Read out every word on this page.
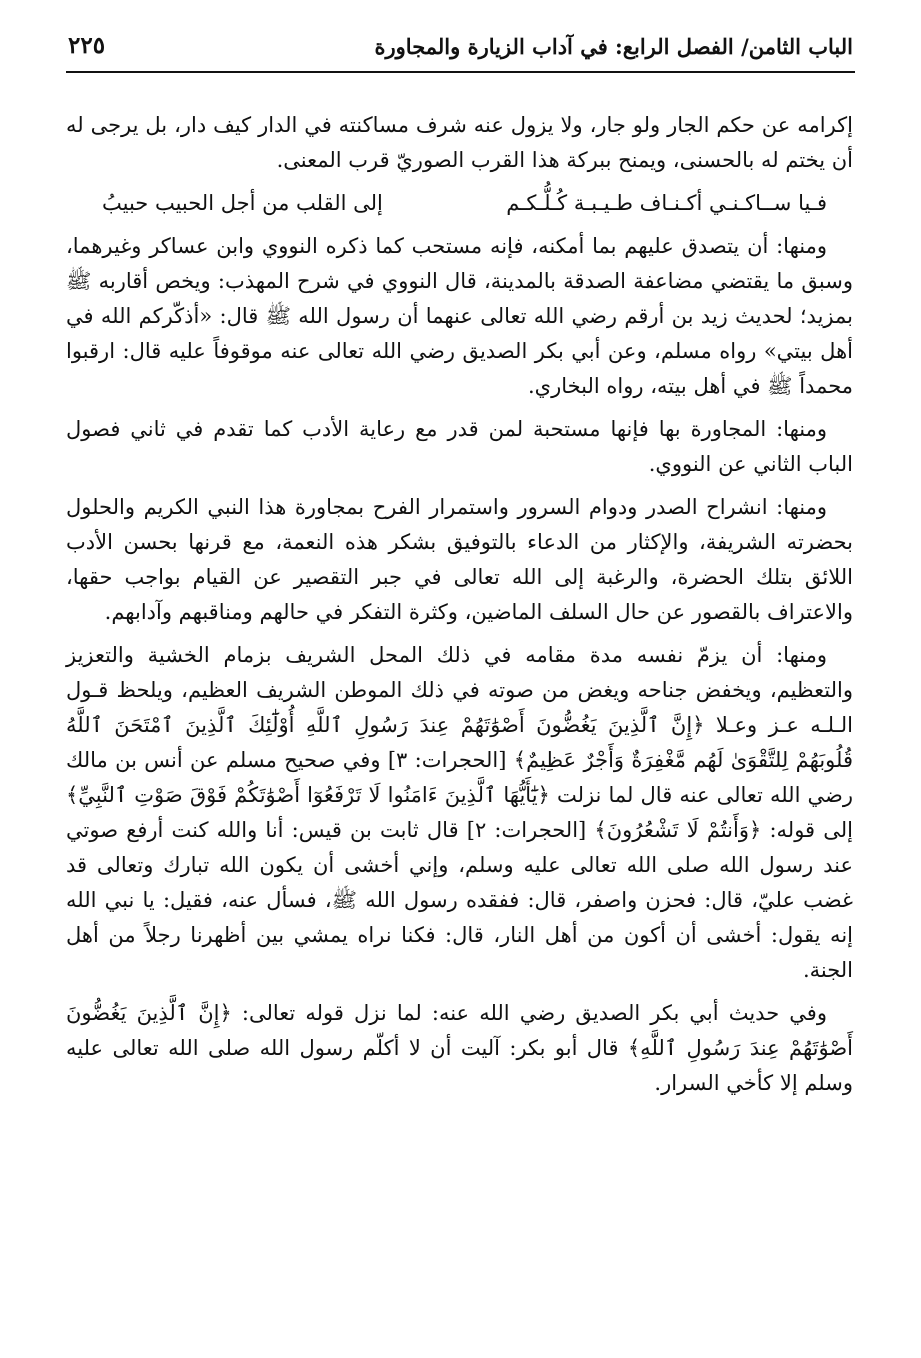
الباب الثامن/ الفصل الرابع: في آداب الزيارة والمجاورة
٢٢٥

إكرامه عن حكم الجار ولو جار، ولا يزول عنه شرف مساكنته في الدار كيف دار، بل يرجى له أن يختم له بالحسنى، ويمنح ببركة هذا القرب الصوريّ قرب المعنى.

فـيا ســاكـنـي أكـنـاف طـيـبـة كُـلُّـكـم
إلى القلب من أجل الحبيب حبيبُ

ومنها: أن يتصدق عليهم بما أمكنه، فإنه مستحب كما ذكره النووي وابن عساكر وغيرهما، وسبق ما يقتضي مضاعفة الصدقة بالمدينة، قال النووي في شرح المهذب: ويخص أقاربه ﷺ بمزيد؛ لحديث زيد بن أرقم رضي الله تعالى عنهما أن رسول الله ﷺ قال: «أذكّركم الله في أهل بيتي» رواه مسلم، وعن أبي بكر الصديق رضي الله تعالى عنه موقوفاً عليه قال: ارقبوا محمداً ﷺ في أهل بيته، رواه البخاري.

ومنها: المجاورة بها فإنها مستحبة لمن قدر مع رعاية الأدب كما تقدم في ثاني فصول الباب الثاني عن النووي.

ومنها: انشراح الصدر ودوام السرور واستمرار الفرح بمجاورة هذا النبي الكريم والحلول بحضرته الشريفة، والإكثار من الدعاء بالتوفيق بشكر هذه النعمة، مع قرنها بحسن الأدب اللائق بتلك الحضرة، والرغبة إلى الله تعالى في جبر التقصير عن القيام بواجب حقها، والاعتراف بالقصور عن حال السلف الماضين، وكثرة التفكر في حالهم ومناقبهم وآدابهم.

ومنها: أن يزمّ نفسه مدة مقامه في ذلك المحل الشريف بزمام الخشية والتعزيز والتعظيم، ويخفض جناحه ويغض من صوته في ذلك الموطن الشريف العظيم، ويلحظ قـول الـلـه عـز وعـلا ﴿إِنَّ ٱلَّذِينَ يَغُضُّونَ أَصْوَٰتَهُمْ عِندَ رَسُولِ ٱللَّهِ أُوْلَٰٓئِكَ ٱلَّذِينَ ٱمْتَحَنَ ٱللَّهُ قُلُوبَهُمْ لِلتَّقْوَىٰ لَهُم مَّغْفِرَةٌ وَأَجْرٌ عَظِيمٌ﴾ [الحجرات: ٣] وفي صحيح مسلم عن أنس بن مالك رضي الله تعالى عنه قال لما نزلت ﴿يَٰٓأَيُّهَا ٱلَّذِينَ ءَامَنُوا لَا تَرْفَعُوٓا أَصْوَٰتَكُمْ فَوْقَ صَوْتِ ٱلنَّبِيِّ﴾ إلى قوله: ﴿وَأَنتُمْ لَا تَشْعُرُونَ﴾ [الحجرات: ٢] قال ثابت بن قيس: أنا والله كنت أرفع صوتي عند رسول الله صلى الله تعالى عليه وسلم، وإني أخشى أن يكون الله تبارك وتعالى قد غضب عليّ، قال: فحزن واصفر، قال: ففقده رسول الله ﷺ، فسأل عنه، فقيل: يا نبي الله إنه يقول: أخشى أن أكون من أهل النار، قال: فكنا نراه يمشي بين أظهرنا رجلاً من أهل الجنة.

وفي حديث أبي بكر الصديق رضي الله عنه: لما نزل قوله تعالى: ﴿إِنَّ ٱلَّذِينَ يَغُضُّونَ أَصْوَٰتَهُمْ عِندَ رَسُولِ ٱللَّهِ﴾ قال أبو بكر: آليت أن لا أكلّم رسول الله صلى الله تعالى عليه وسلم إلا كأخي السرار.
